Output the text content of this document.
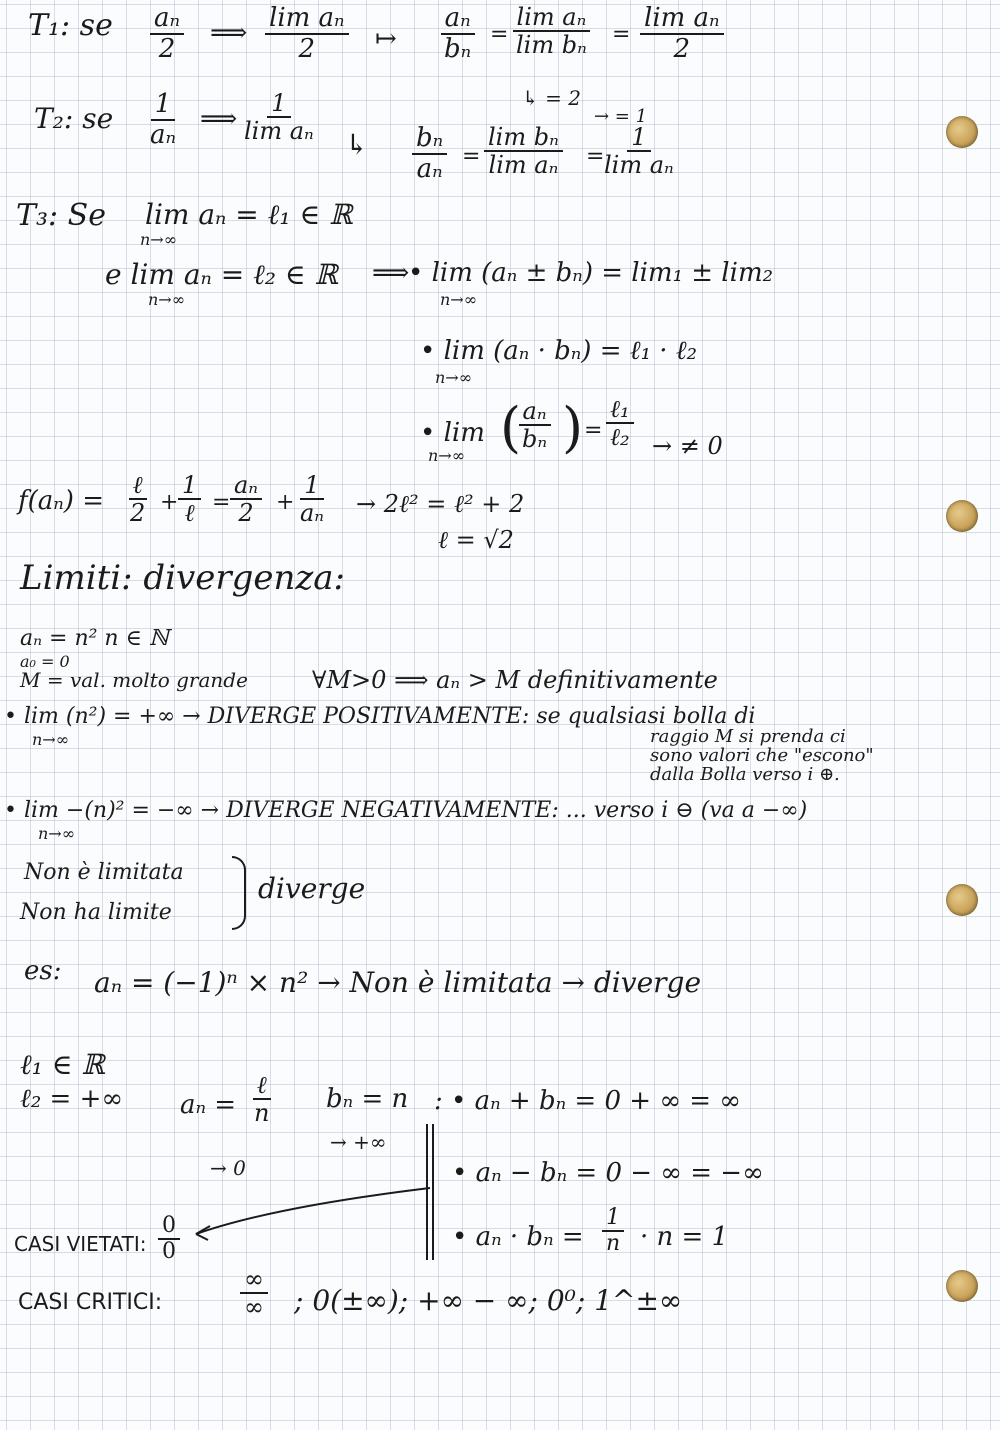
T₁: se $\frac{\text{aₙ}}{2}$ ⟹ $\frac{\text{lim aₙ}}{2}$ ↦ $\frac{\text{aₙ}}{\text{bₙ}} = \frac{\text{lim aₙ}}{\text{lim bₙ}} = \frac{\text{lim aₙ}}{2}$
↳ = 2
T₂: se $\frac{1}{\text{aₙ}}$ ⟹ $\frac{1}{\text{lim aₙ}}$ ↳ $\frac{\text{bₙ}}{\text{aₙ}} = \frac{\text{lim bₙ}}{\text{lim aₙ}}$ =
$\frac{1}{\text{lim aₙ}}$
→ = 1
T₃: Se lim aₙ = ℓ₁ ∈ ℝ
n→∞
e lim aₙ = ℓ₂ ∈ ℝ
n→∞
⟹
• lim (aₙ ± bₙ) = lim₁ ± lim₂
n→∞
• lim (aₙ · bₙ) = ℓ₁ · ℓ₂
n→∞
• lim
n→∞ (
$\frac{\text{aₙ}}{\text{bₙ}}$ ) =
ℓ₁
ℓ₂ → ≠ 0
f(aₙ) =
ℓ
2 +
1
ℓ = $\frac{\text{aₙ}}{2} + \frac{1}{\text{aₙ}}$ → 2ℓ² = ℓ² + 2
ℓ = √2
Limiti: divergenza:
aₙ = n² n ∈ ℕ
a₀ = 0
M = val. molto grande	∀M>0 ⟹ aₙ > M definitivamente
• lim (n²) = +∞ → DIVERGE POSITIVAMENTE: se qualsiasi bolla di
n→∞	raggio M si prenda ci
sono valori che "escono"
dalla Bolla verso i ⊕.
• lim −(n)² = −∞ → DIVERGE NEGATIVAMENTE: ... verso i ⊖ (va a −∞)
n→∞
Non è limitata
Non ha limite
diverge
es: aₙ = (−1)ⁿ × n² → Non è limitata → diverge
ℓ₁ ∈ ℝ
ℓ₂ = +∞ aₙ =
ℓ
n
→ 0
bₙ = n
→ +∞
: • aₙ + bₙ = 0 + ∞ = ∞
• aₙ − bₙ = 0 − ∞ = −∞
• $a_n \cdot b_n = \frac{1}{n} \cdot n = 1$
CASI VIETATI: $\frac{0}{0}$
CASI CRITICI:
∞
∞ ; 0(±∞); +∞ − ∞; 0⁰; 1^±∞
